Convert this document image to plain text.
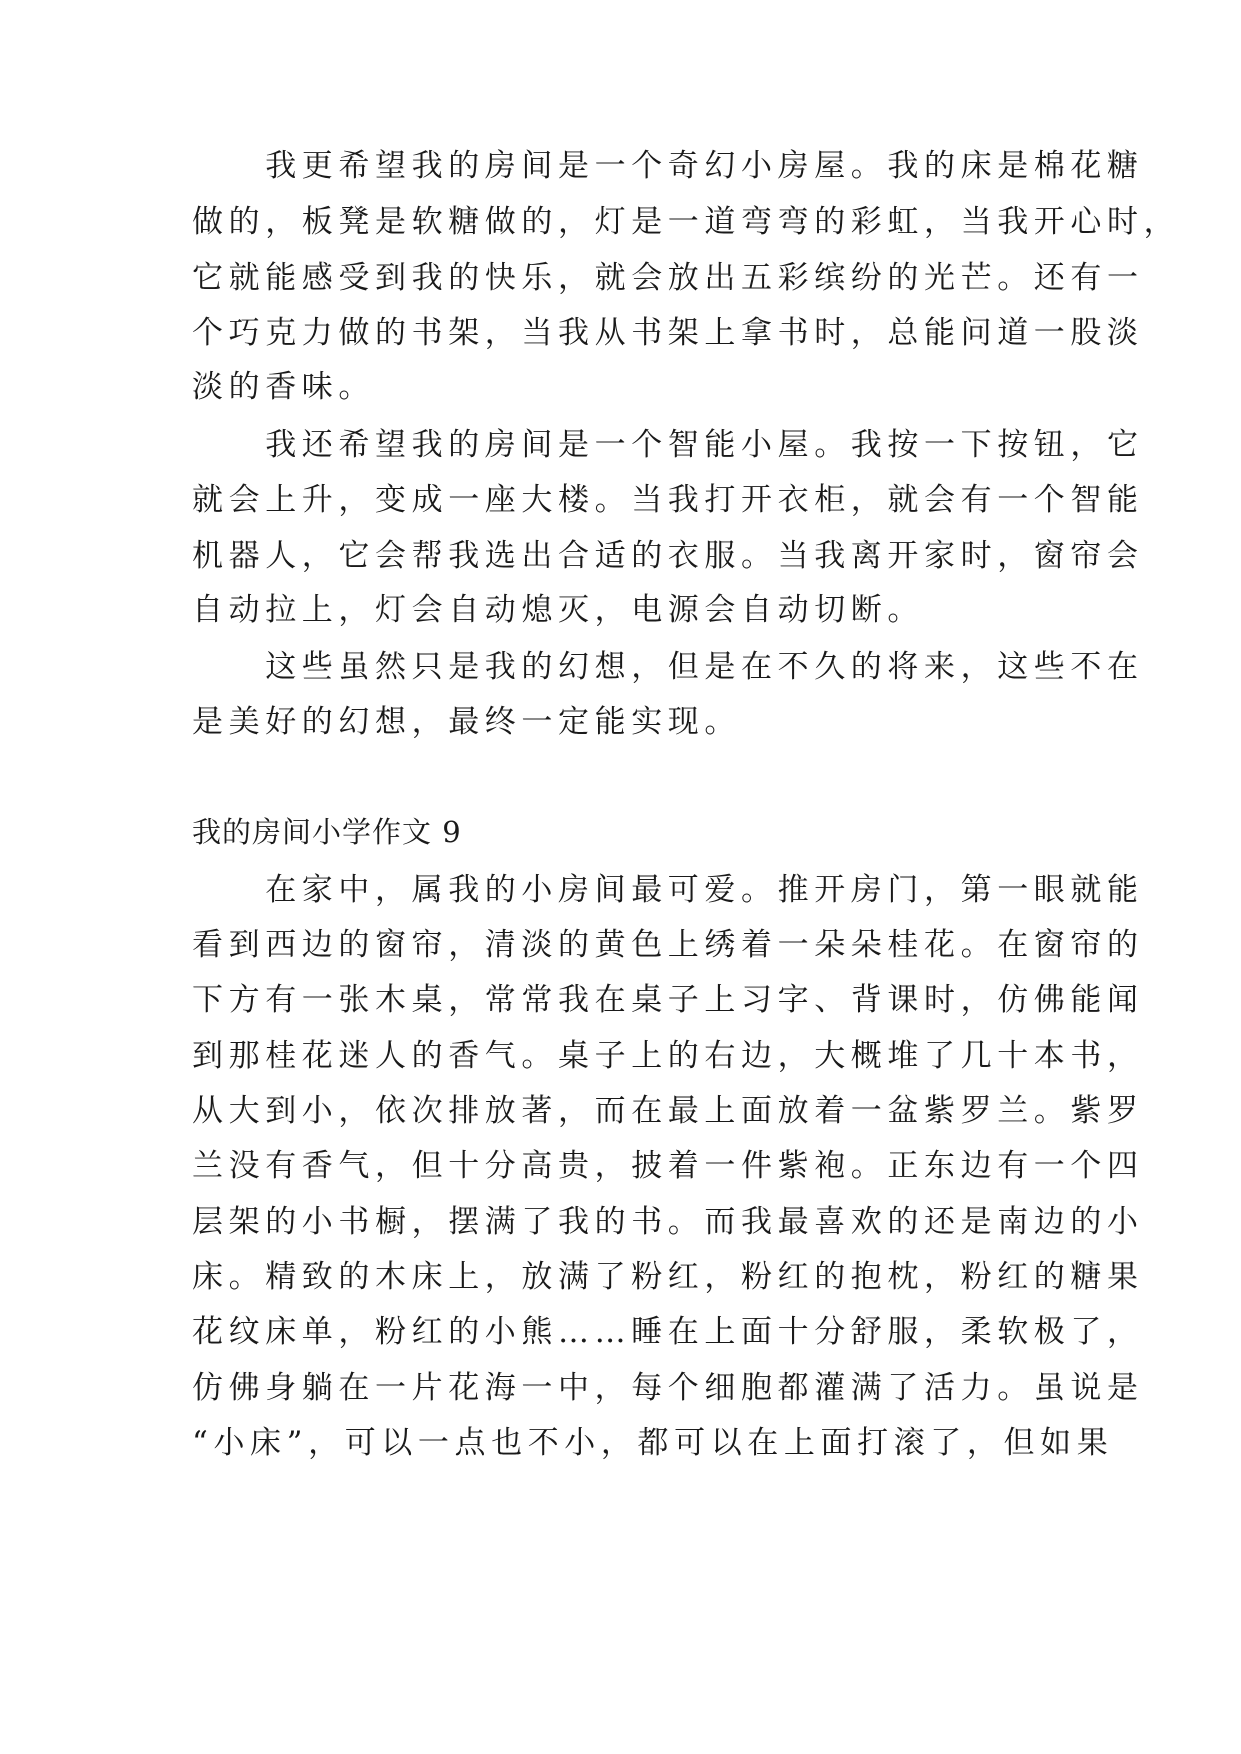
　　我更希望我的房间是一个奇幻小房屋。我的床是棉花糖
做的，板凳是软糖做的，灯是一道弯弯的彩虹，当我开心时，
它就能感受到我的快乐，就会放出五彩缤纷的光芒。还有一
个巧克力做的书架，当我从书架上拿书时，总能问道一股淡
淡的香味。
　　我还希望我的房间是一个智能小屋。我按一下按钮，它
就会上升，变成一座大楼。当我打开衣柜，就会有一个智能
机器人，它会帮我选出合适的衣服。当我离开家时，窗帘会
自动拉上，灯会自动熄灭，电源会自动切断。
　　这些虽然只是我的幻想，但是在不久的将来，这些不在
是美好的幻想，最终一定能实现。
我的房间小学作文 9
　　在家中，属我的小房间最可爱。推开房门，第一眼就能
看到西边的窗帘，清淡的黄色上绣着一朵朵桂花。在窗帘的
下方有一张木桌，常常我在桌子上习字、背课时，仿佛能闻
到那桂花迷人的香气。桌子上的右边，大概堆了几十本书，
从大到小，依次排放著，而在最上面放着一盆紫罗兰。紫罗
兰没有香气，但十分高贵，披着一件紫袍。正东边有一个四
层架的小书橱，摆满了我的书。而我最喜欢的还是南边的小
床。精致的木床上，放满了粉红，粉红的抱枕，粉红的糖果
花纹床单，粉红的小熊……睡在上面十分舒服，柔软极了，
仿佛身躺在一片花海一中，每个细胞都灌满了活力。虽说是
“小床”，可以一点也不小，都可以在上面打滚了，但如果
